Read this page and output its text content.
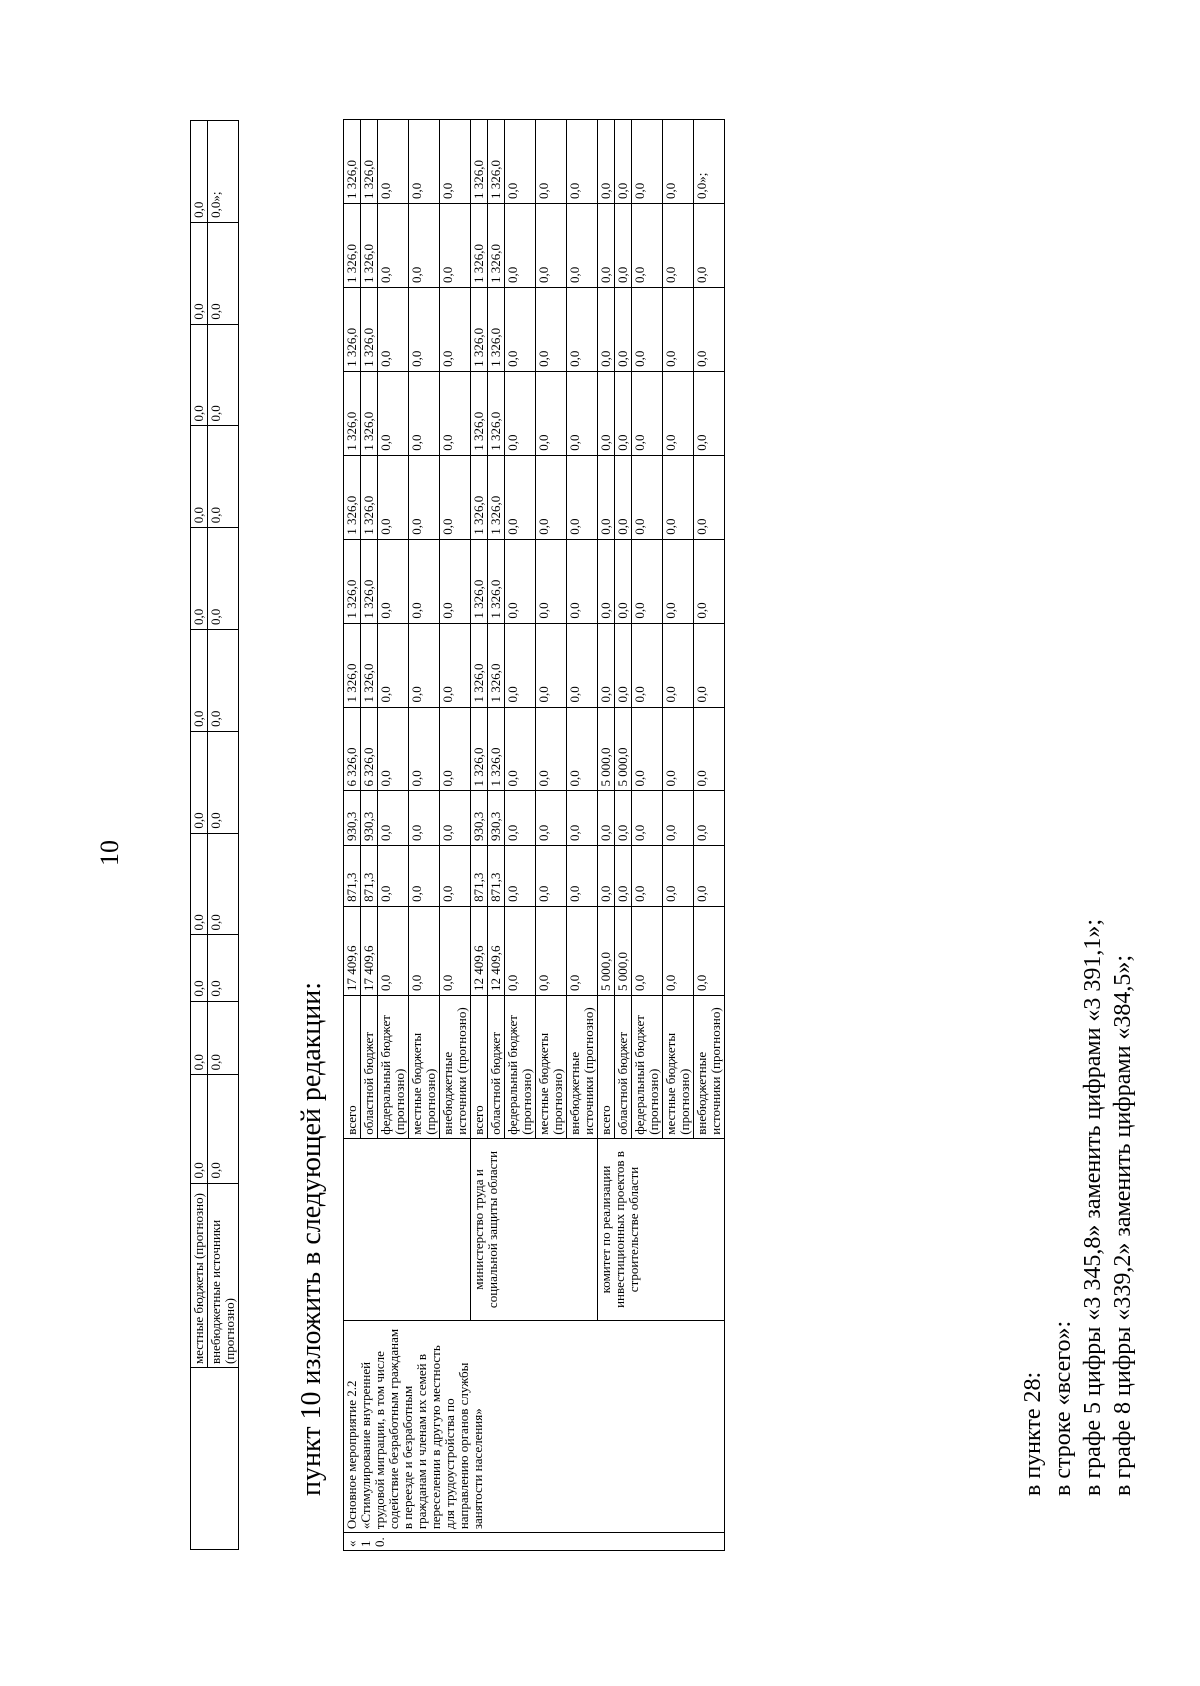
10
	местные бюджеты (прогнозно)	0,0	0,0	0,0	0,0	0,0	0,0	0,0	0,0	0,0	0,0	0,0
	внебюджетные источники (прогнозно)	0,0	0,0	0,0	0,0	0,0	0,0	0,0	0,0	0,0	0,0	0,0»;
пункт 10 изложить в следующей редакции:
«10.	Основное мероприятие 2.2 «Стимулирование внутренней трудовой миграции, в том числе содействие безработным гражданам в переезде и безработным гражданам и членам их семей в переселении в другую местность для трудоустройства по направлению органов службы занятости населения»		всего	17 409,6	871,3	930,3	6 326,0	1 326,0	1 326,0	1 326,0	1 326,0	1 326,0	1 326,0	1 326,0
			областной бюджет	17 409,6	871,3	930,3	6 326,0	1 326,0	1 326,0	1 326,0	1 326,0	1 326,0	1 326,0	1 326,0
			федеральный бюджет (прогнозно)	0,0	0,0	0,0	0,0	0,0	0,0	0,0	0,0	0,0	0,0	0,0
			местные бюджеты (прогнозно)	0,0	0,0	0,0	0,0	0,0	0,0	0,0	0,0	0,0	0,0	0,0
			внебюджетные источники (прогнозно)	0,0	0,0	0,0	0,0	0,0	0,0	0,0	0,0	0,0	0,0	0,0
		министерство труда и социальной защиты области	всего	12 409,6	871,3	930,3	1 326,0	1 326,0	1 326,0	1 326,0	1 326,0	1 326,0	1 326,0	1 326,0
			областной бюджет	12 409,6	871,3	930,3	1 326,0	1 326,0	1 326,0	1 326,0	1 326,0	1 326,0	1 326,0	1 326,0
			федеральный бюджет (прогнозно)	0,0	0,0	0,0	0,0	0,0	0,0	0,0	0,0	0,0	0,0	0,0
			местные бюджеты (прогнозно)	0,0	0,0	0,0	0,0	0,0	0,0	0,0	0,0	0,0	0,0	0,0
			внебюджетные источники (прогнозно)	0,0	0,0	0,0	0,0	0,0	0,0	0,0	0,0	0,0	0,0	0,0
		комитет по реализации инвестиционных проектов в строительстве области	всего	5 000,0	0,0	0,0	5 000,0	0,0	0,0	0,0	0,0	0,0	0,0	0,0
			областной бюджет	5 000,0	0,0	0,0	5 000,0	0,0	0,0	0,0	0,0	0,0	0,0	0,0
			федеральный бюджет (прогнозно)	0,0	0,0	0,0	0,0	0,0	0,0	0,0	0,0	0,0	0,0	0,0
			местные бюджеты (прогнозно)	0,0	0,0	0,0	0,0	0,0	0,0	0,0	0,0	0,0	0,0	0,0
			внебюджетные источники (прогнозно)	0,0	0,0	0,0	0,0	0,0	0,0	0,0	0,0	0,0	0,0	0,0»;
в пункте 28: в строке «всего»: в графе 5 цифры «3 345,8» заменить цифрами «3 391,1»; в графе 8 цифры «339,2» заменить цифрами «384,5»;
